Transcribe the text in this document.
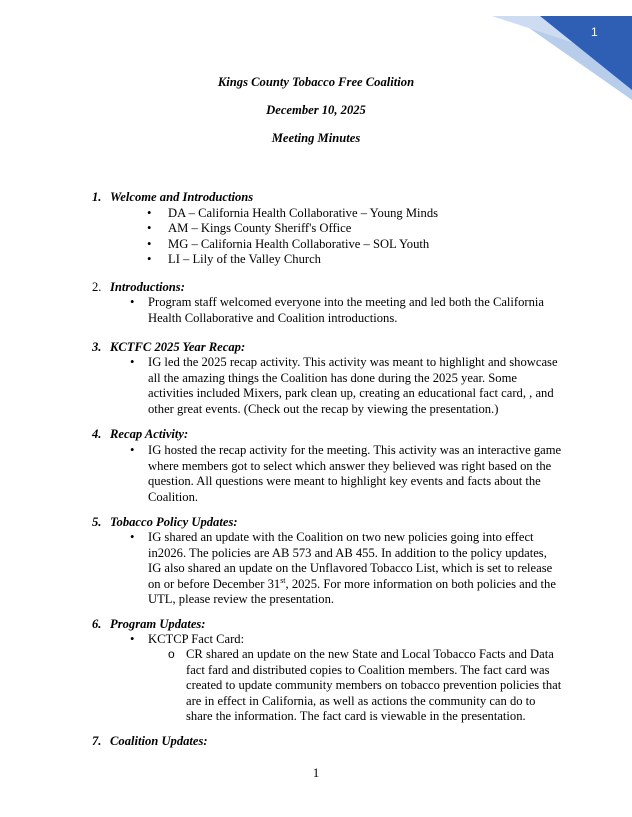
1
Kings County Tobacco Free Coalition
December 10, 2025
Meeting Minutes
1. Welcome and Introductions
• DA – California Health Collaborative – Young Minds
• AM – Kings County Sheriff's Office
• MG – California Health Collaborative – SOL Youth
• LI – Lily of the Valley Church
2. Introductions:
• Program staff welcomed everyone into the meeting and led both the California
Health Collaborative and Coalition introductions.
3. KCTFC 2025 Year Recap:
• IG led the 2025 recap activity. This activity was meant to highlight and showcase
all the amazing things the Coalition has done during the 2025 year. Some
activities included Mixers, park clean up, creating an educational fact card, , and
other great events. (Check out the recap by viewing the presentation.)
4. Recap Activity:
• IG hosted the recap activity for the meeting. This activity was an interactive game
where members got to select which answer they believed was right based on the
question. All questions were meant to highlight key events and facts about the
Coalition.
5. Tobacco Policy Updates:
• IG shared an update with the Coalition on two new policies going into effect
in2026. The policies are AB 573 and AB 455. In addition to the policy updates,
IG also shared an update on the Unflavored Tobacco List, which is set to release
on or before December 31st, 2025. For more information on both policies and the
UTL, please review the presentation.
6. Program Updates:
• KCTCP Fact Card:
o CR shared an update on the new State and Local Tobacco Facts and Data
fact fard and distributed copies to Coalition members. The fact card was
created to update community members on tobacco prevention policies that
are in effect in California, as well as actions the community can do to
share the information. The fact card is viewable in the presentation.
7. Coalition Updates:
1
